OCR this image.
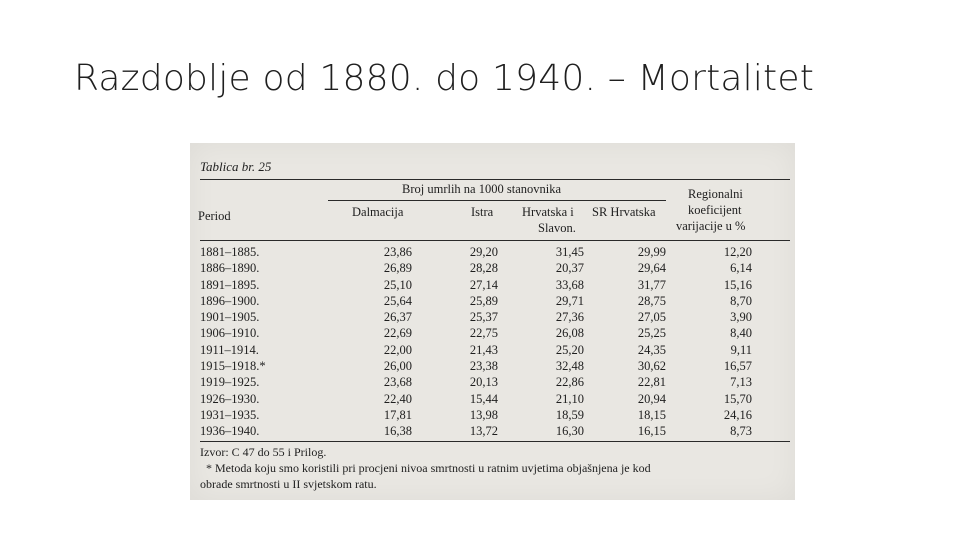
Razdoblje od 1880. do 1940. – Mortalitet
Tablica br. 25
Broj umrlih na 1000 stanovnika
Period	Dalmacija	Istra Hrvatska i
Slavon.
SR Hrvatska
Regionalni
koeficijent
varijacije u %
1881–1885.
1886–1890.
1891–1895.
1896–1900.
1901–1905.
1906–1910.
1911–1914.
1915–1918.*
1919–1925.
1926–1930.
1931–1935.
1936–1940.
23,86
26,89
25,10
25,64
26,37
22,69
22,00
26,00
23,68
22,40
17,81
16,38
29,20
28,28
27,14
25,89
25,37
22,75
21,43
23,38
20,13
15,44
13,98
13,72
31,45
20,37
33,68
29,71
27,36
26,08
25,20
32,48
22,86
21,10
18,59
16,30
29,99
29,64
31,77
28,75
27,05
25,25
24,35
30,62
22,81
20,94
18,15
16,15
12,20
6,14
15,16
8,70
3,90
8,40
9,11
16,57
7,13
15,70
24,16
8,73
Izvor: C 47 do 55 i Prilog.
* Metoda koju smo koristili pri procjeni nivoa smrtnosti u ratnim uvjetima objašnjena je kod
obrade smrtnosti u II svjetskom ratu.
